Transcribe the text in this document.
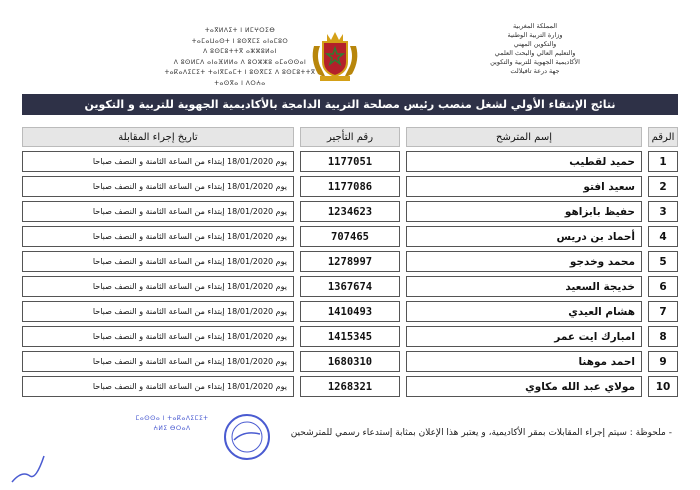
المملكة المغربية
وزارة التربية الوطنية
والتكوين المهني
والتعليم العالي والبحث العلمي
الأكاديمية الجهوية للتربية والتكوين
جهة درعة تافيلالت
ⵜⴰⴳⵍⴷⵉⵜ ⵏ ⵍⵎⵖⵔⵉⴱ
ⵜⴰⵎⴰⵡⴰⵙⵜ ⵏ ⵓⵙⴳⵎⵉ ⴰⵏⴰⵎⵓⵔ
ⴷ ⵓⵙⵎⵓⵜⵜⴳ ⴰⵣⵣⵓⵍⴰⵏ
ⴷ ⵓⵙⵍⵎⴷ ⴰⵏⴰⴼⵍⵍⴰ ⴷ ⵓⵔⵣⵣⵓ ⴰⵎⴰⵙⵙⴰⵏ
ⵜⴰⴽⴰⴷⵉⵎⵉⵜ ⵜⴰⵏⴳⵎⴰⵎⵜ ⵏ ⵓⵙⴳⵎⵉ ⴷ ⵓⵙⵎⵓⵜⵜⴳ
ⵜⴰⵙⴳⴰ ⵏ ⴷⵔⵄⴰ
نتائج الإنتقاء الأولي لشغل منصب رئيس مصلحة التربية الدامجة بالأكاديمية الجهوية للتربية و التكوين
الرقم		إسم المترشح		رقم التأجير		تاريخ إجراء المقابلة
1		حميد لقطيب		1177051		يوم 18/01/2020 إبتداء من الساعة الثامنة و النصف صباحا
2		سعيد افتو		1177086		يوم 18/01/2020 إبتداء من الساعة الثامنة و النصف صباحا
3		حفيظ بابزاهو		1234623		يوم 18/01/2020 إبتداء من الساعة الثامنة و النصف صباحا
4		أحماد بن دريس		707465		يوم 18/01/2020 إبتداء من الساعة الثامنة و النصف صباحا
5		محمد وخدجو		1278997		يوم 18/01/2020 إبتداء من الساعة الثامنة و النصف صباحا
6		خديجة السعيد		1367674		يوم 18/01/2020 إبتداء من الساعة الثامنة و النصف صباحا
7		هشام العيدي		1410493		يوم 18/01/2020 إبتداء من الساعة الثامنة و النصف صباحا
8		امبارك ايت عمر		1415345		يوم 18/01/2020 إبتداء من الساعة الثامنة و النصف صباحا
9		احمد موهنا		1680310		يوم 18/01/2020 إبتداء من الساعة الثامنة و النصف صباحا
10		مولاي عبد الله مكاوي		1268321		يوم 18/01/2020 إبتداء من الساعة الثامنة و النصف صباحا
- ملحوظة : سيتم إجراء المقابلات بمقر الأكاديمية، و يعتبر هذا الإعلان بمثابة إستدعاء رسمي للمترشحين
ⵎⴰⵙⵙⴰ ⵏ ⵜⴰⴽⴰⴷⵉⵎⵉⵜ
ⵄⵍⵉ ⴱⵔⴰⴷ
